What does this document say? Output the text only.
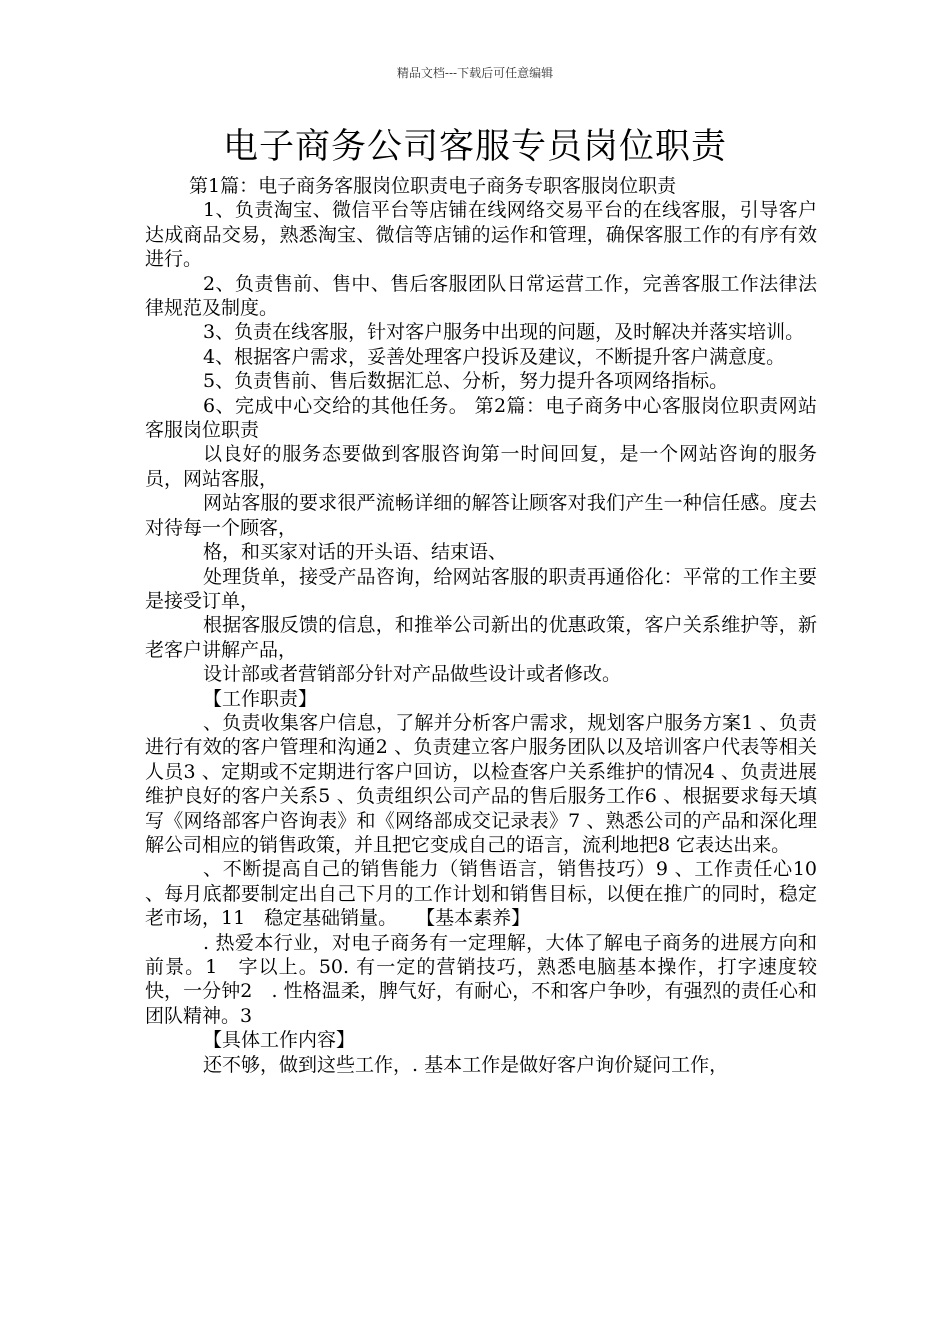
精品文档---下载后可任意编辑
电子商务公司客服专员岗位职责

第1篇：电子商务客服岗位职责电子商务专职客服岗位职责

1、负责淘宝、微信平台等店铺在线网络交易平台的在线客服，引导客户达成商品交易，熟悉淘宝、微信等店铺的运作和管理，确保客服工作的有序有效进行。

2、负责售前、售中、售后客服团队日常运营工作，完善客服工作法律法律规范及制度。

3、负责在线客服，针对客户服务中出现的问题，及时解决并落实培训。

4、根据客户需求，妥善处理客户投诉及建议，不断提升客户满意度。

5、负责售前、售后数据汇总、分析，努力提升各项网络指标。

6、完成中心交给的其他任务。 第2篇：电子商务中心客服岗位职责网站客服岗位职责

以良好的服务态要做到客服咨询第一时间回复，是一个网站咨询的服务员，网站客服，

网站客服的要求很严流畅详细的解答让顾客对我们产生一种信任感。度去对待每一个顾客，

格，和买家对话的开头语、结束语、

处理货单，接受产品咨询，给网站客服的职责再通俗化：平常的工作主要是接受订单，

根据客服反馈的信息，和推举公司新出的优惠政策，客户关系维护等，新老客户讲解产品，

设计部或者营销部分针对产品做些设计或者修改。

【工作职责】

、负责收集客户信息，了解并分析客户需求，规划客户服务方案1 、负责进行有效的客户管理和沟通2 、负责建立客户服务团队以及培训客户代表等相关人员3 、定期或不定期进行客户回访，以检查客户关系维护的情况4 、负责进展维护良好的客户关系5 、负责组织公司产品的售后服务工作6 、根据要求每天填写《网络部客户咨询表》和《网络部成交记录表》7 、熟悉公司的产品和深化理解公司相应的销售政策，并且把它变成自己的语言，流利地把8 它表达出来。

、不断提高自己的销售能力（销售语言，销售技巧）9 、工作责任心10 、每月底都要制定出自己下月的工作计划和销售目标，以便在推广的同时，稳定老市场，11　稳定基础销量。　　【基本素养】

. 热爱本行业，对电子商务有一定理解，大体了解电子商务的进展方向和前景。1　字以上。50. 有一定的营销技巧，熟悉电脑基本操作，打字速度较快，一分钟2　. 性格温柔，脾气好，有耐心，不和客户争吵，有强烈的责任心和团队精神。3

【具体工作内容】

还不够，做到这些工作，. 基本工作是做好客户询价疑问工作，
